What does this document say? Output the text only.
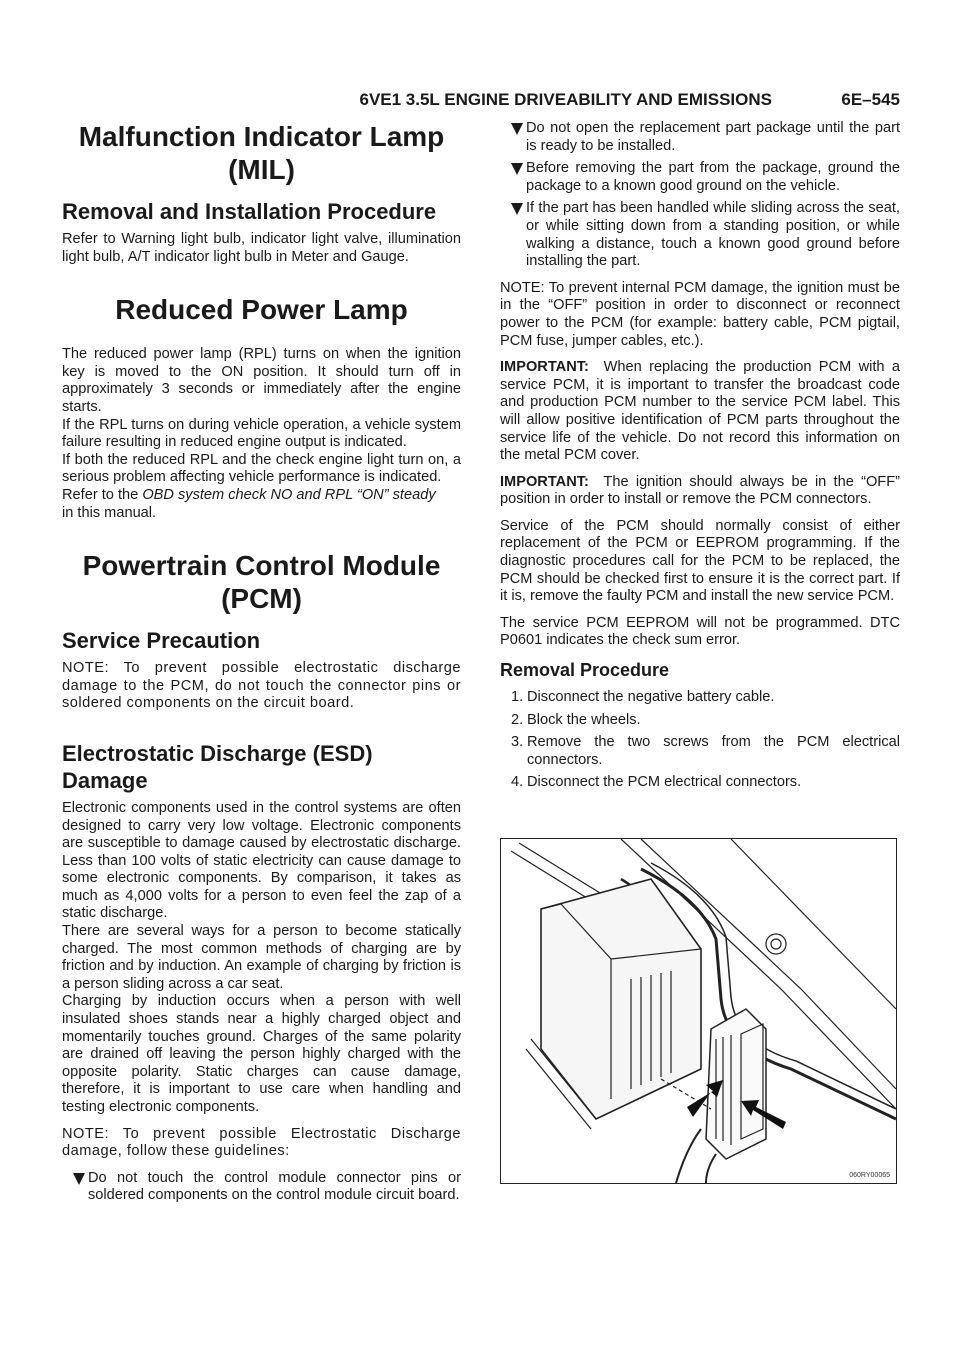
6VE1 3.5L ENGINE DRIVEABILITY AND EMISSIONS	6E–545
Malfunction Indicator Lamp (MIL)
Removal and Installation Procedure

Refer to Warning light bulb, indicator light valve, illumination light bulb, A/T indicator light bulb in Meter and Gauge.

Reduced Power Lamp

The reduced power lamp (RPL) turns on when the ignition key is moved to the ON position. It should turn off in approximately 3 seconds or immediately after the engine starts.

If the RPL turns on during vehicle operation, a vehicle system failure resulting in reduced engine output is indicated.

If both the reduced RPL and the check engine light turn on, a serious problem affecting vehicle performance is indicated.

Refer to the OBD system check NO and RPL “ON” steady
in this manual.

Powertrain Control Module (PCM)
Service Precaution

NOTE: To prevent possible electrostatic discharge damage to the PCM, do not touch the connector pins or soldered components on the circuit board.

Electrostatic Discharge (ESD) Damage

Electronic components used in the control systems are often designed to carry very low voltage. Electronic components are susceptible to damage caused by electrostatic discharge. Less than 100 volts of static electricity can cause damage to some electronic components. By comparison, it takes as much as 4,000 volts for a person to even feel the zap of a static discharge.

There are several ways for a person to become statically charged. The most common methods of charging are by friction and by induction. An example of charging by friction is a person sliding across a car seat.

Charging by induction occurs when a person with well insulated shoes stands near a highly charged object and momentarily touches ground. Charges of the same polarity are drained off leaving the person highly charged with the opposite polarity. Static charges can cause damage, therefore, it is important to use care when handling and testing electronic components.

NOTE: To prevent possible Electrostatic Discharge damage, follow these guidelines:

Do not touch the control module connector pins or soldered components on the control module circuit board.

Do not open the replacement part package until the part is ready to be installed.

Before removing the part from the package, ground the package to a known good ground on the vehicle.

If the part has been handled while sliding across the seat, or while sitting down from a standing position, or while walking a distance, touch a known good ground before installing the part.

NOTE: To prevent internal PCM damage, the ignition must be in the “OFF” position in order to disconnect or reconnect power to the PCM (for example: battery cable, PCM pigtail, PCM fuse, jumper cables, etc.).

IMPORTANT: When replacing the production PCM with a service PCM, it is important to transfer the broadcast code and production PCM number to the service PCM label. This will allow positive identification of PCM parts throughout the service life of the vehicle. Do not record this information on the metal PCM cover.

IMPORTANT: The ignition should always be in the “OFF” position in order to install or remove the PCM connectors.

Service of the PCM should normally consist of either replacement of the PCM or EEPROM programming. If the diagnostic procedures call for the PCM to be replaced, the PCM should be checked first to ensure it is the correct part. If it is, remove the faulty PCM and install the new service PCM.

The service PCM EEPROM will not be programmed. DTC P0601 indicates the check sum error.

Removal Procedure
1. Disconnect the negative battery cable.

2. Block the wheels.

3. Remove the two screws from the PCM electrical connectors.

4. Disconnect the PCM electrical connectors.

060RY00065
